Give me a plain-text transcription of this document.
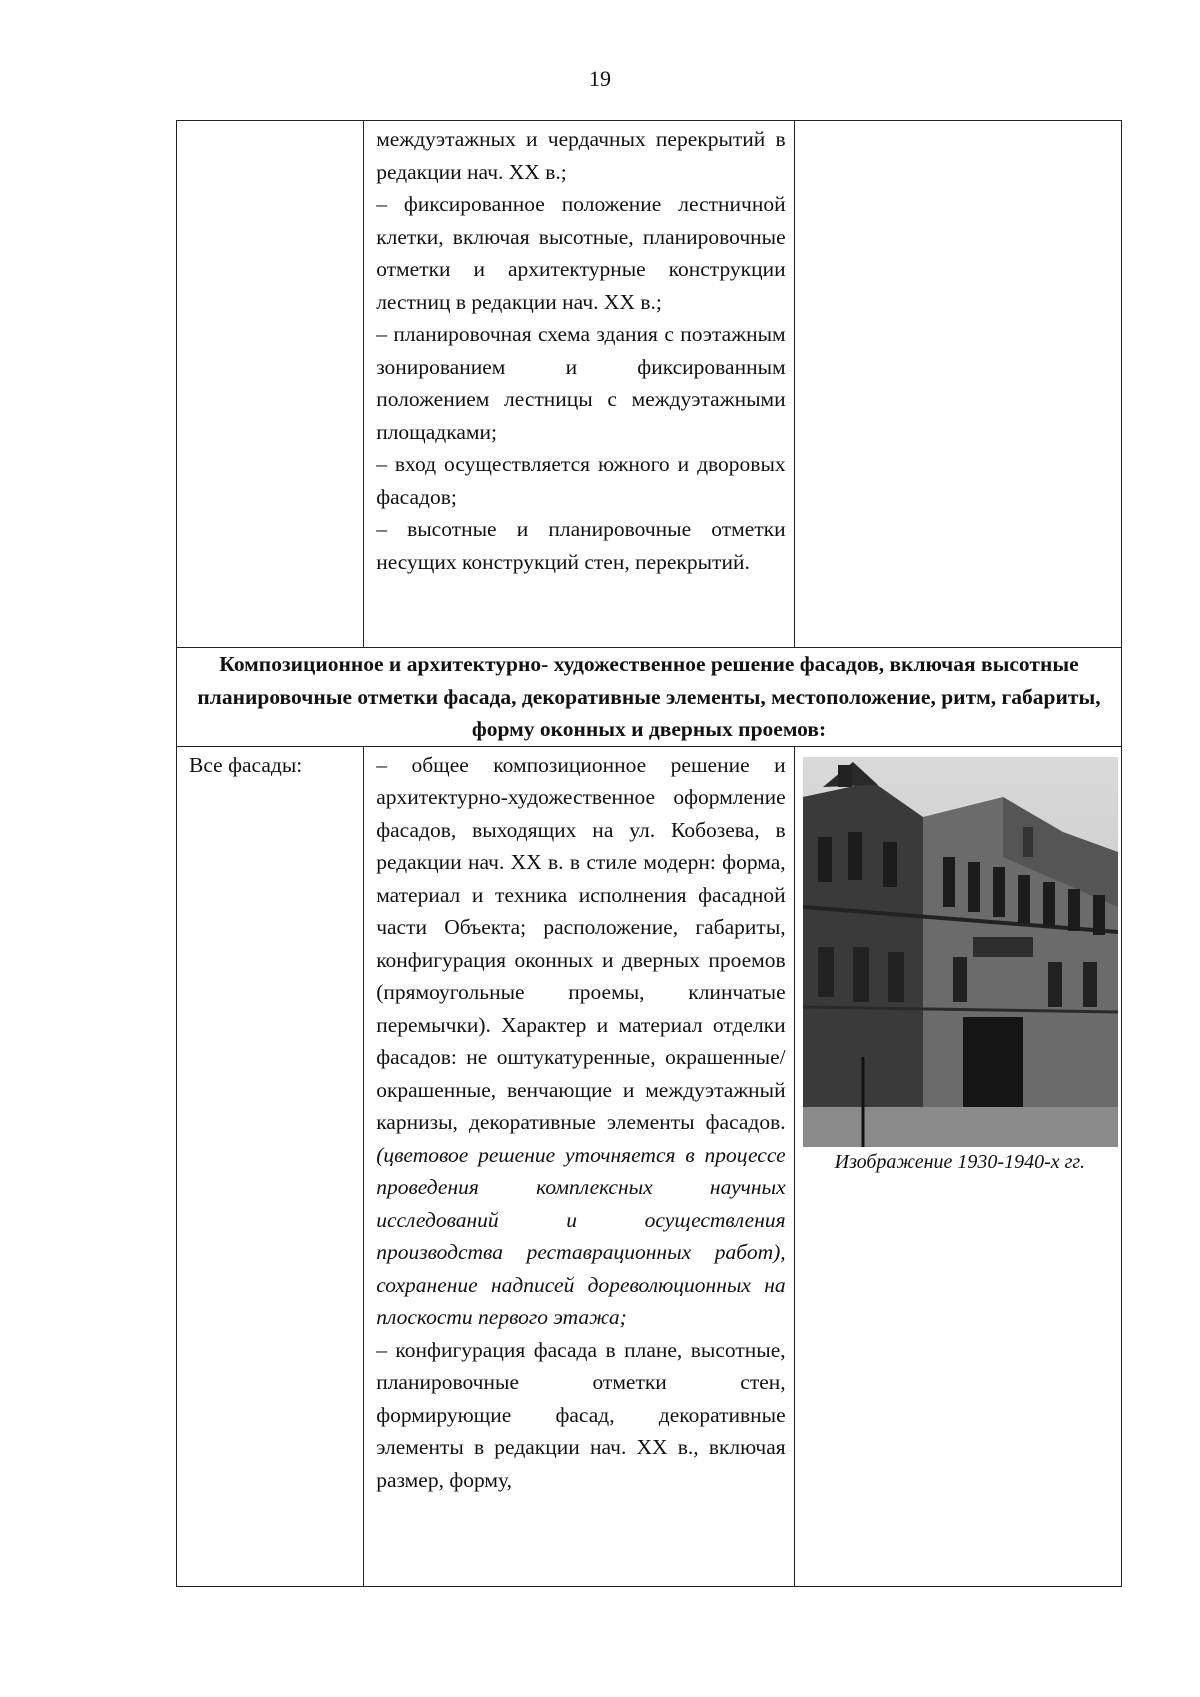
19

	междуэтажных и чердачных перекрытий в редакции нач. XX в.;

– фиксированное положение лестничной клетки, включая высотные, планировочные отметки и архитектурные конструкции лестниц в редакции нач. XX в.;

– планировочная схема здания с поэтажным зонированием и фиксированным положением лестницы с междуэтажными площадками;

– вход осуществляется южного и дворовых фасадов;

– высотные и планировочные отметки несущих конструкций стен, перекрытий.	

Композиционное и архитектурно- художественное решение фасадов, включая высотные планировочные отметки фасада, декоративные элементы, местоположение, ритм, габариты, форму оконных и дверных проемов:		

Все фасады:	– общее композиционное решение и архитектурно-художественное оформление фасадов, выходящих на ул. Кобозева, в редакции нач. XX в. в стиле модерн: форма, материал и техника исполнения фасадной части Объекта; расположение, габариты, конфигурация оконных и дверных проемов (прямоугольные проемы, клинчатые перемычки). Характер и материал отделки фасадов: не оштукатуренные, окрашенные/ окрашенные, венчающие и междуэтажный карнизы, декоративные элементы фасадов. (цветовое решение уточняется в процессе проведения комплексных научных исследований и осуществления производства реставрационных работ), сохранение надписей дореволюционных на плоскости первого этажа;

– конфигурация фасада в плане, высотные, планировочные отметки стен, формирующие фасад, декоративные элементы в редакции нач. XX в., включая размер, форму,	Изображение 1930-1940-х гг.
